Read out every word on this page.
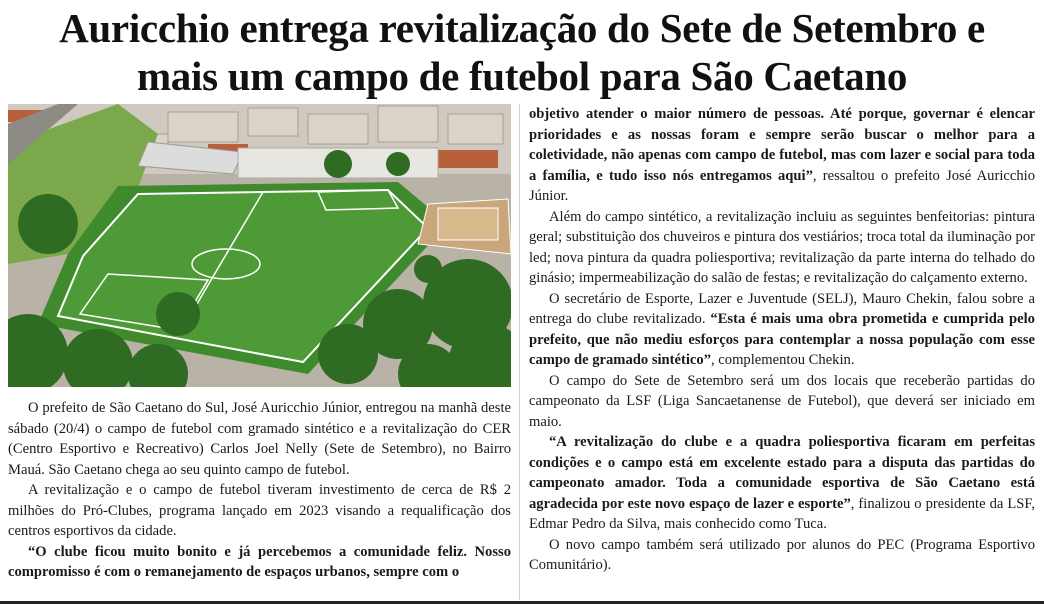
Auricchio entrega revitalização do Sete de Setembro e
mais um campo de futebol para São Caetano

O prefeito de São Caetano do Sul, José Auricchio Júnior, entregou na manhã deste sábado (20/4) o campo de futebol com gramado sintético e a revitalização do CER (Centro Esportivo e Recreativo) Carlos Joel Nelly (Sete de Setembro), no Bairro Mauá. São Caetano chega ao seu quinto campo de futebol.

A revitalização e o campo de futebol tiveram investimento de cerca de R$ 2 milhões do Pró-Clubes, programa lançado em 2023 visando a requalificação dos centros esportivos da cidade.

“O clube ficou muito bonito e já percebemos a comunidade feliz. Nosso compromisso é com o remanejamento de espaços urbanos, sempre com o

objetivo atender o maior número de pessoas. Até porque, governar é elencar prioridades e as nossas foram e sempre serão buscar o melhor para a coletividade, não apenas com campo de futebol, mas com lazer e social para toda a família, e tudo isso nós entregamos aqui”, ressaltou o prefeito José Auricchio Júnior.

Além do campo sintético, a revitalização incluiu as seguintes benfeitorias: pintura geral; substituição dos chuveiros e pintura dos vestiários; troca total da iluminação por led; nova pintura da quadra poliesportiva; revitalização da parte interna do telhado do ginásio; impermeabilização do salão de festas; e revitalização do calçamento externo.

O secretário de Esporte, Lazer e Juventude (SELJ), Mauro Chekin, falou sobre a entrega do clube revitalizado. “Esta é mais uma obra prometida e cumprida pelo prefeito, que não mediu esforços para contemplar a nossa população com esse campo de gramado sintético”, complementou Chekin.

O campo do Sete de Setembro será um dos locais que receberão partidas do campeonato da LSF (Liga Sancaetanense de Futebol), que deverá ser iniciado em maio.

“A revitalização do clube e a quadra poliesportiva ficaram em perfeitas condições e o campo está em excelente estado para a disputa das partidas do campeonato amador. Toda a comunidade esportiva de São Caetano está agradecida por este novo espaço de lazer e esporte”, finalizou o presidente da LSF, Edmar Pedro da Silva, mais conhecido como Tuca.

O novo campo também será utilizado por alunos do PEC (Programa Esportivo Comunitário).
